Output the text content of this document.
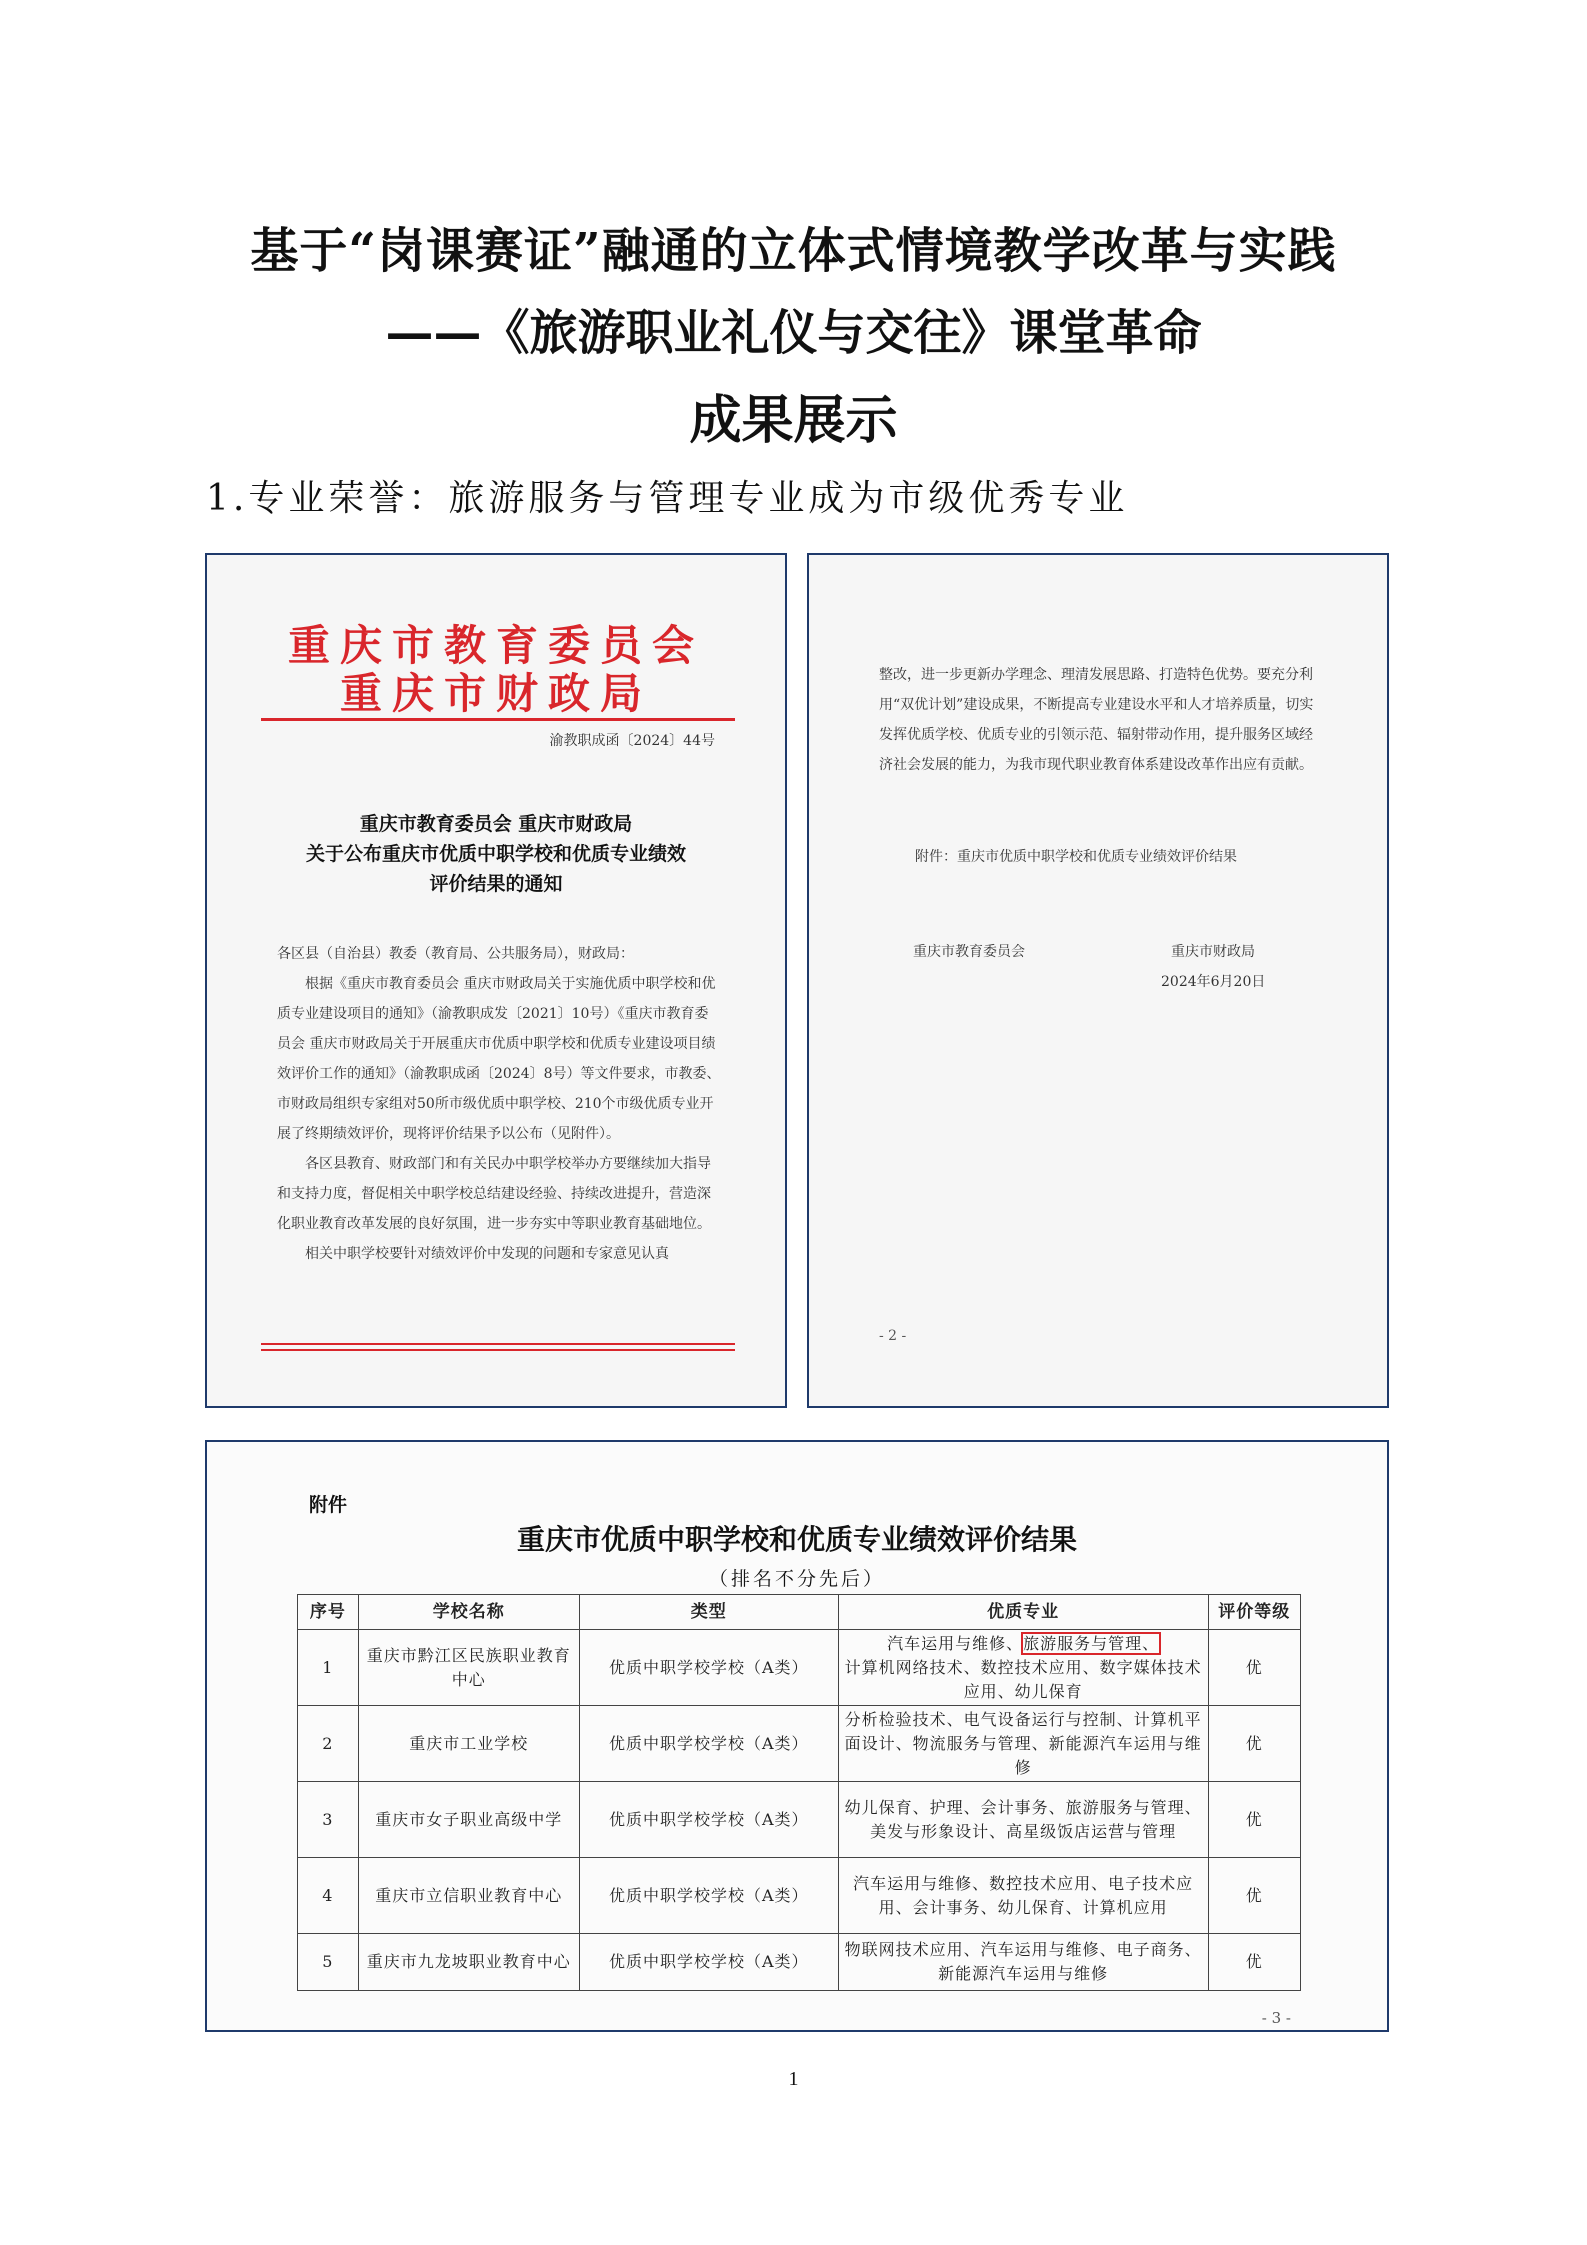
基于“岗课赛证”融通的立体式情境教学改革与实践
——《旅游职业礼仪与交往》课堂革命
成果展示

1.专业荣誉：旅游服务与管理专业成为市级优秀专业

重庆市教育委员会
重庆市财政局
渝教职成函〔2024〕44号
重庆市教育委员会 重庆市财政局
关于公布重庆市优质中职学校和优质专业绩效
评价结果的通知

各区县（自治县）教委（教育局、公共服务局），财政局：

根据《重庆市教育委员会 重庆市财政局关于实施优质中职学校和优质专业建设项目的通知》（渝教职成发〔2021〕10号）《重庆市教育委员会 重庆市财政局关于开展重庆市优质中职学校和优质专业建设项目绩效评价工作的通知》（渝教职成函〔2024〕8号）等文件要求，市教委、市财政局组织专家组对50所市级优质中职学校、210个市级优质专业开展了终期绩效评价，现将评价结果予以公布（见附件）。

各区县教育、财政部门和有关民办中职学校举办方要继续加大指导和支持力度，督促相关中职学校总结建设经验、持续改进提升，营造深化职业教育改革发展的良好氛围，进一步夯实中等职业教育基础地位。

相关中职学校要针对绩效评价中发现的问题和专家意见认真

整改，进一步更新办学理念、理清发展思路、打造特色优势。要充分利用“双优计划”建设成果，不断提高专业建设水平和人才培养质量，切实发挥优质学校、优质专业的引领示范、辐射带动作用，提升服务区域经济社会发展的能力，为我市现代职业教育体系建设改革作出应有贡献。

附件：重庆市优质中职学校和优质专业绩效评价结果

重庆市教育委员会	重庆市财政局

2024年6月20日

- 2 -

附件

重庆市优质中职学校和优质专业绩效评价结果

（排名不分先后）

序号	学校名称	类型	优质专业	评价等级
1	重庆市黔江区民族职业教育中心	优质中职学校学校（A类）	汽车运用与维修、旅游服务与管理、
计算机网络技术、数控技术应用、数字媒体技术应用、幼儿保育	优
2	重庆市工业学校	优质中职学校学校（A类）	分析检验技术、电气设备运行与控制、计算机平面设计、物流服务与管理、新能源汽车运用与维修	优
3	重庆市女子职业高级中学	优质中职学校学校（A类）	幼儿保育、护理、会计事务、旅游服务与管理、美发与形象设计、高星级饭店运营与管理	优
4	重庆市立信职业教育中心	优质中职学校学校（A类）	汽车运用与维修、数控技术应用、电子技术应用、会计事务、幼儿保育、计算机应用	优
5	重庆市九龙坡职业教育中心	优质中职学校学校（A类）	物联网技术应用、汽车运用与维修、电子商务、新能源汽车运用与维修	优

- 3 -

1
